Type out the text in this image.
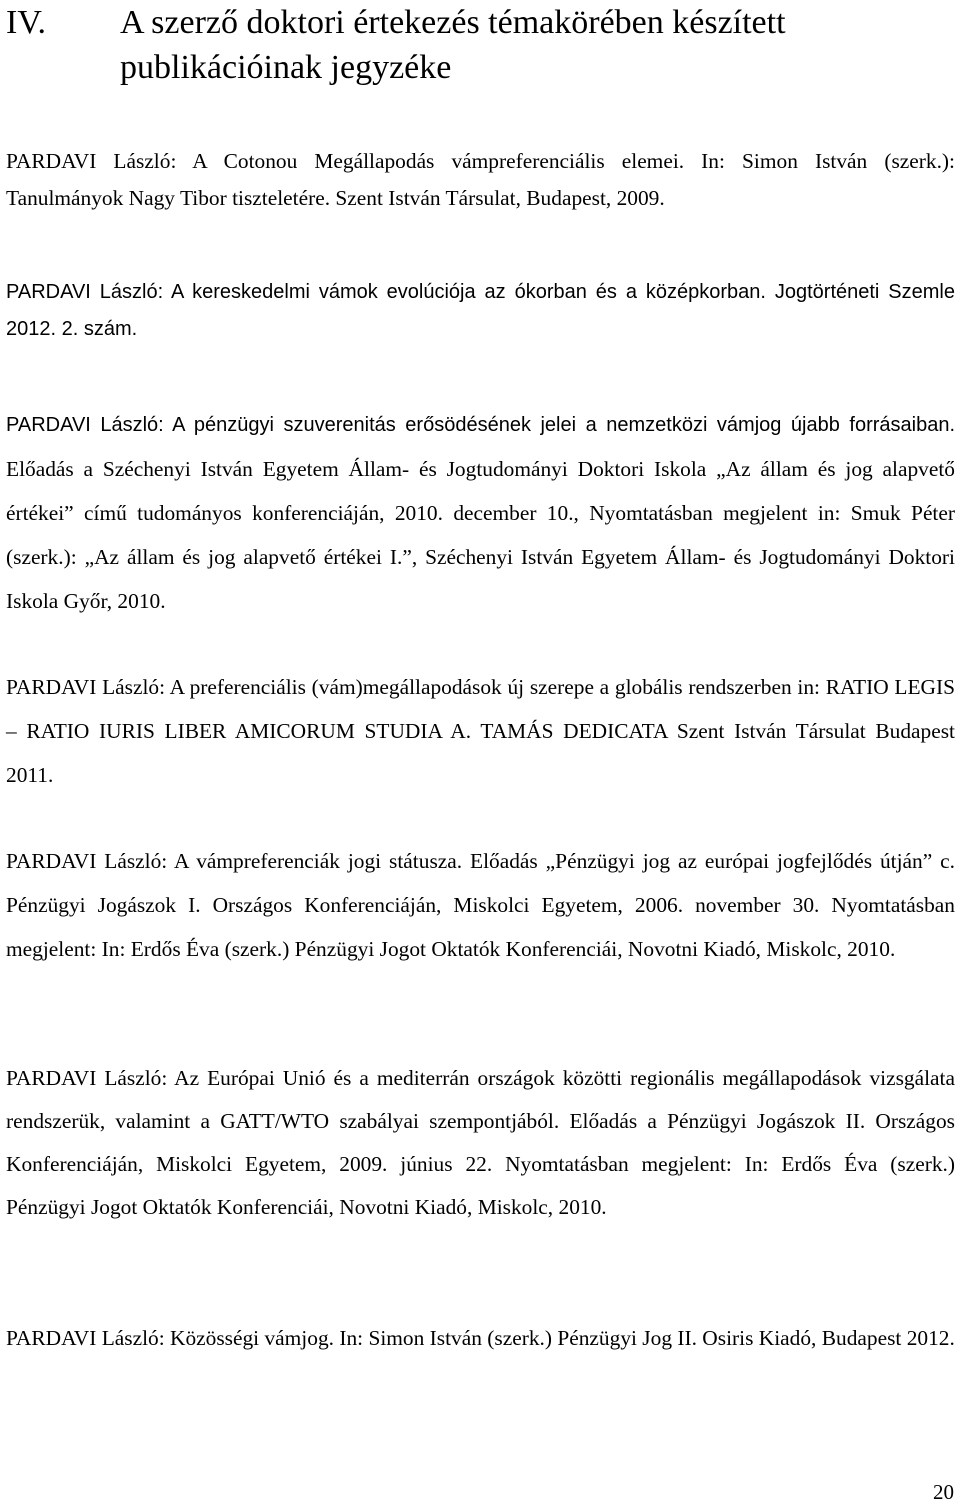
IV. A szerző doktori értekezés témakörében készített
publikációinak jegyzéke

PARDAVI László: A Cotonou Megállapodás vámpreferenciális elemei. In: Simon István (szerk.): Tanulmányok Nagy Tibor tiszteletére. Szent István Társulat, Budapest, 2009.

PARDAVI László: A kereskedelmi vámok evolúciója az ókorban és a középkorban. Jogtörténeti Szemle 2012. 2. szám.

PARDAVI László: A pénzügyi szuverenitás erősödésének jelei a nemzetközi vámjog újabb forrásaiban. Előadás a Széchenyi István Egyetem Állam- és Jogtudományi Doktori Iskola „Az állam és jog alapvető értékei” című tudományos konferenciáján, 2010. december 10., Nyomtatásban megjelent in: Smuk Péter (szerk.): „Az állam és jog alapvető értékei I.”, Széchenyi István Egyetem Állam- és Jogtudományi Doktori Iskola Győr, 2010.

PARDAVI László: A preferenciális (vám)megállapodások új szerepe a globális rendszerben in: RATIO LEGIS – RATIO IURIS LIBER AMICORUM STUDIA A. TAMÁS DEDICATA Szent István Társulat Budapest 2011.

PARDAVI László: A vámpreferenciák jogi státusza. Előadás „Pénzügyi jog az európai jogfejlődés útján” c. Pénzügyi Jogászok I. Országos Konferenciáján, Miskolci Egyetem, 2006. november 30. Nyomtatásban megjelent: In: Erdős Éva (szerk.) Pénzügyi Jogot Oktatók Konferenciái, Novotni Kiadó, Miskolc, 2010.

PARDAVI László: Az Európai Unió és a mediterrán országok közötti regionális megállapodások vizsgálata rendszerük, valamint a GATT/WTO szabályai szempontjából. Előadás a Pénzügyi Jogászok II. Országos Konferenciáján, Miskolci Egyetem, 2009. június 22. Nyomtatásban megjelent: In: Erdős Éva (szerk.) Pénzügyi Jogot Oktatók Konferenciái, Novotni Kiadó, Miskolc, 2010.

PARDAVI László: Közösségi vámjog. In: Simon István (szerk.) Pénzügyi Jog II. Osiris Kiadó, Budapest 2012.

20
